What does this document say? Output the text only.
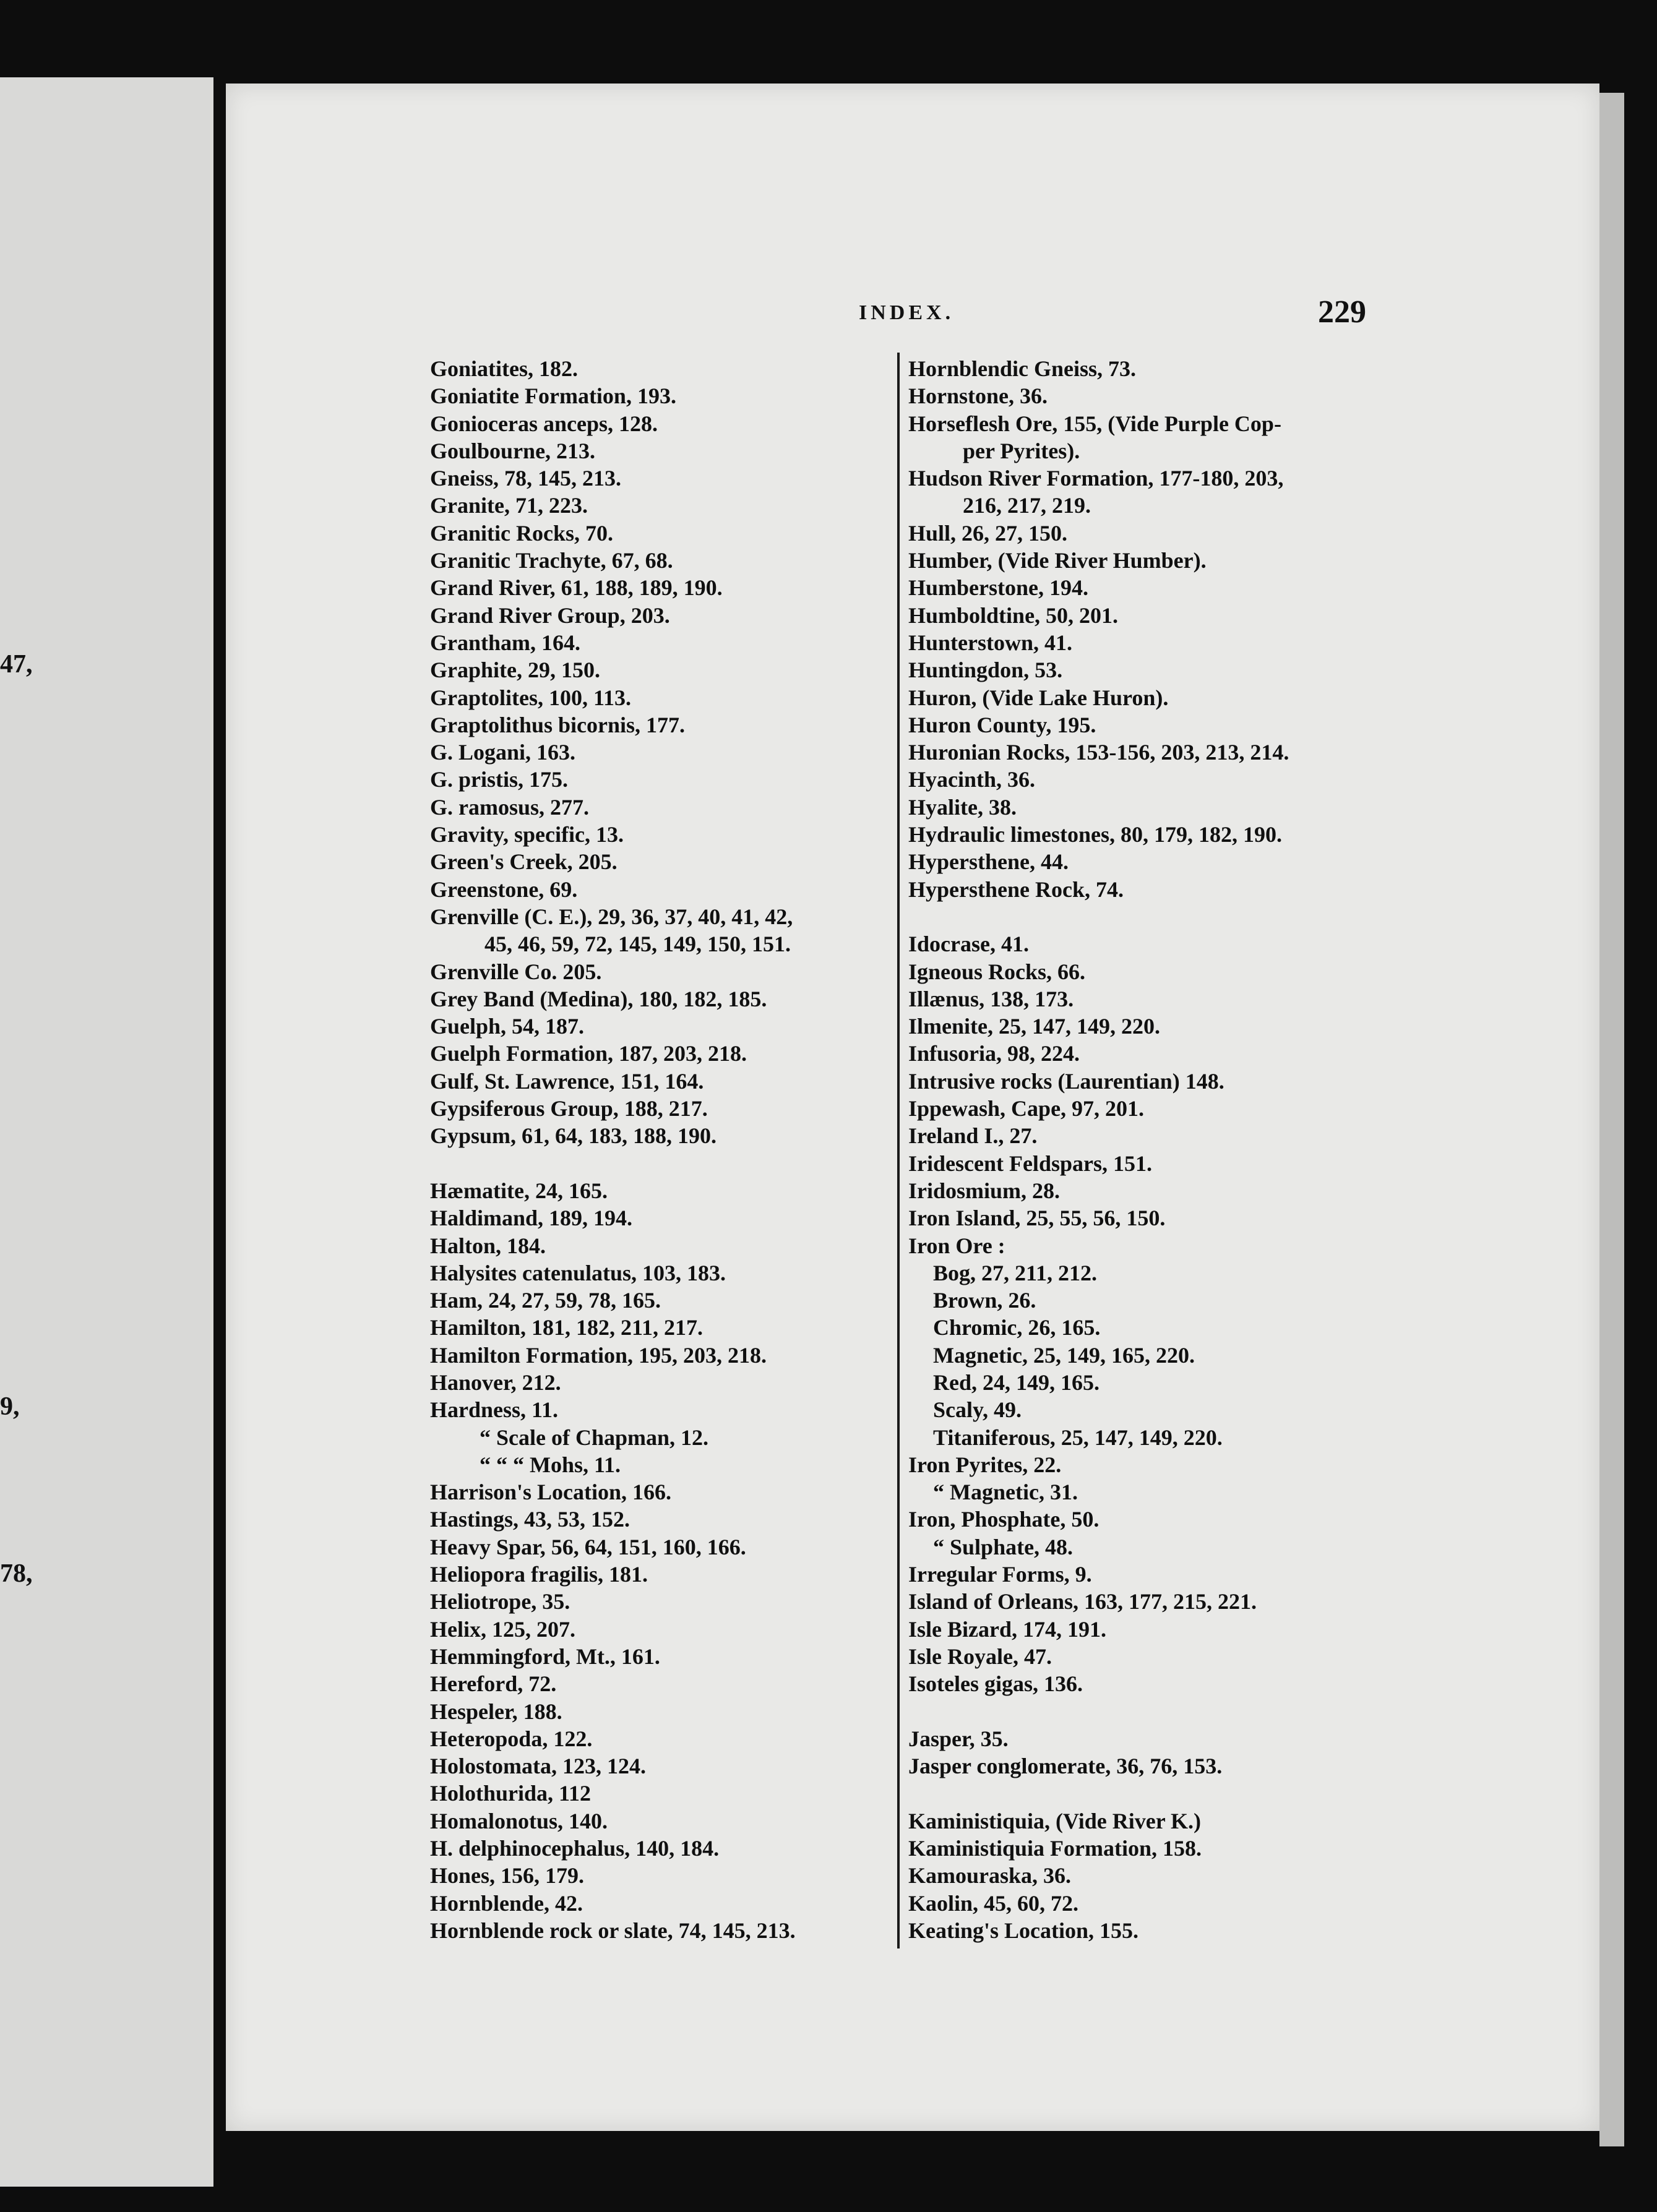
47,
9,
78,
INDEX.	229
Goniatites, 182.
Goniatite Formation, 193.
Gonioceras anceps, 128.
Goulbourne, 213.
Gneiss, 78, 145, 213.
Granite, 71, 223.
Granitic Rocks, 70.
Granitic Trachyte, 67, 68.
Grand River, 61, 188, 189, 190.
Grand River Group, 203.
Grantham, 164.
Graphite, 29, 150.
Graptolites, 100, 113.
Graptolithus bicornis, 177.
G. Logani, 163.
G. pristis, 175.
G. ramosus, 277.
Gravity, specific, 13.
Green's Creek, 205.
Greenstone, 69.
Grenville (C. E.), 29, 36, 37, 40, 41, 42,
45, 46, 59, 72, 145, 149, 150, 151.
Grenville Co. 205.
Grey Band (Medina), 180, 182, 185.
Guelph, 54, 187.
Guelph Formation, 187, 203, 218.
Gulf, St. Lawrence, 151, 164.
Gypsiferous Group, 188, 217.
Gypsum, 61, 64, 183, 188, 190.
Hæmatite, 24, 165.
Haldimand, 189, 194.
Halton, 184.
Halysites catenulatus, 103, 183.
Ham, 24, 27, 59, 78, 165.
Hamilton, 181, 182, 211, 217.
Hamilton Formation, 195, 203, 218.
Hanover, 212.
Hardness, 11.
“ Scale of Chapman, 12.
“ “ “ Mohs, 11.
Harrison's Location, 166.
Hastings, 43, 53, 152.
Heavy Spar, 56, 64, 151, 160, 166.
Heliopora fragilis, 181.
Heliotrope, 35.
Helix, 125, 207.
Hemmingford, Mt., 161.
Hereford, 72.
Hespeler, 188.
Heteropoda, 122.
Holostomata, 123, 124.
Holothurida, 112
Homalonotus, 140.
H. delphinocephalus, 140, 184.
Hones, 156, 179.
Hornblende, 42.
Hornblende rock or slate, 74, 145, 213.
Hornblendic Gneiss, 73.
Hornstone, 36.
Horseflesh Ore, 155, (Vide Purple Cop-
per Pyrites).
Hudson River Formation, 177-180, 203,
216, 217, 219.
Hull, 26, 27, 150.
Humber, (Vide River Humber).
Humberstone, 194.
Humboldtine, 50, 201.
Hunterstown, 41.
Huntingdon, 53.
Huron, (Vide Lake Huron).
Huron County, 195.
Huronian Rocks, 153-156, 203, 213, 214.
Hyacinth, 36.
Hyalite, 38.
Hydraulic limestones, 80, 179, 182, 190.
Hypersthene, 44.
Hypersthene Rock, 74.
Idocrase, 41.
Igneous Rocks, 66.
Illænus, 138, 173.
Ilmenite, 25, 147, 149, 220.
Infusoria, 98, 224.
Intrusive rocks (Laurentian) 148.
Ippewash, Cape, 97, 201.
Ireland I., 27.
Iridescent Feldspars, 151.
Iridosmium, 28.
Iron Island, 25, 55, 56, 150.
Iron Ore :
Bog, 27, 211, 212.
Brown, 26.
Chromic, 26, 165.
Magnetic, 25, 149, 165, 220.
Red, 24, 149, 165.
Scaly, 49.
Titaniferous, 25, 147, 149, 220.
Iron Pyrites, 22.
“ Magnetic, 31.
Iron, Phosphate, 50.
“ Sulphate, 48.
Irregular Forms, 9.
Island of Orleans, 163, 177, 215, 221.
Isle Bizard, 174, 191.
Isle Royale, 47.
Isoteles gigas, 136.
Jasper, 35.
Jasper conglomerate, 36, 76, 153.
Kaministiquia, (Vide River K.)
Kaministiquia Formation, 158.
Kamouraska, 36.
Kaolin, 45, 60, 72.
Keating's Location, 155.
